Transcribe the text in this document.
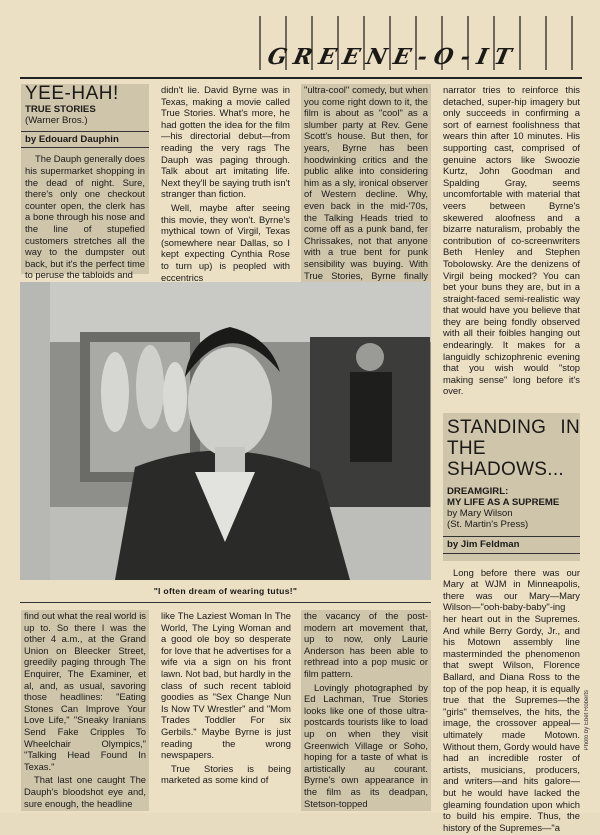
GREENE-O-IT
YEE-HAH!
TRUE STORIES
(Warner Bros.)
by Edouard Dauphin

The Dauph generally does his supermarket shopping in the dead of night. Sure, there's only one checkout counter open, the clerk has a bone through his nose and the line of stupefied customers stretches all the way to the dumpster out back, but it's the perfect time to peruse the tabloids and

didn't lie. David Byrne was in Texas, making a movie called True Stories. What's more, he had gotten the idea for the film—his directorial debut—from reading the very rags The Dauph was paging through. Talk about art imitating life. Next they'll be saying truth isn't stranger than fiction.

Well, maybe after seeing this movie, they won't. Byrne's mythical town of Virgil, Texas (somewhere near Dallas, so I kept expecting Cynthia Rose to turn up) is peopled with eccentrics

"ultra-cool" comedy, but when you come right down to it, the film is about as "cool" as a slumber party at Rev. Gene Scott's house. But then, for years, Byrne has been hoodwinking critics and the public alike into considering him as a sly, ironical observer of Western decline. Why, even back in the mid-'70s, the Talking Heads tried to come off as a punk band, fer Chrissakes, not that anyone with a true bent for punk sensibility was buying. With True Stories, Byrne finally

narrator tries to reinforce this detached, super-hip imagery but only succeeds in confirming a sort of earnest foolishness that wears thin after 10 minutes. His supporting cast, comprised of genuine actors like Swoozie Kurtz, John Goodman and Spalding Gray, seems uncomfortable with material that veers between Byrne's skewered aloofness and a bizarre naturalism, probably the contribution of co-screenwriters Beth Henley and Stephen Tobolowsky. Are the denizens of Virgil being mocked? You can bet your buns they are, but in a straight-faced semi-realistic way that would have you believe that they are being fondly observed with all their foibles hanging out endearingly. It makes for a languidly schizophrenic evening that you wish would "stop making sense" long before it's over.

STANDING IN THE SHADOWS...
DREAMGIRL:
MY LIFE AS A SUPREME
by Mary Wilson
(St. Martin's Press)
by Jim Feldman

Long before there was our Mary at WJM in Minneapolis, there was our Mary—Mary Wilson—"ooh-baby-baby"-ing her heart out in the Supremes. And while Berry Gordy, Jr., and his Motown assembly line masterminded the phenomenon that swept Wilson, Florence Ballard, and Diana Ross to the top of the pop heap, it is equally true that the Supremes—the "girls" themselves, the hits, the image, the crossover appeal—ultimately made Motown. Without them, Gordy would have had an incredible roster of artists, musicians, producers, and writers—and hits galore—but he would have lacked the gleaming foundation upon which to build his empire. Thus, the history of the Supremes—"a

"I often dream of wearing tutus!"

find out what the real world is up to. So there I was the other 4 a.m., at the Grand Union on Bleecker Street, greedily paging through The Enquirer, The Examiner, et al, and, as usual, savoring those headlines: "Eating Stones Can Improve Your Love Life," "Sneaky Iranians Send Fake Cripples To Wheelchair Olympics," "Talking Head Found In Texas."

That last one caught The Dauph's bloodshot eye and, sure enough, the headline

like The Laziest Woman In The World, The Lying Woman and a good ole boy so desperate for love that he advertises for a wife via a sign on his front lawn. Not bad, but hardly in the class of such recent tabloid goodies as "Sex Change Nun Is Now TV Wrestler" and "Mom Trades Toddler For six Gerbils." Maybe Byrne is just reading the wrong newspapers.

True Stories is being marketed as some kind of

the vacancy of the post-modern art movement that, up to now, only Laurie Anderson has been able to rethread into a pop music or film pattern.

Lovingly photographed by Ed Lachman, True Stories looks like one of those ultra-postcards tourists like to load up on when they visit Greenwich Village or Soho, hoping for a taste of what is artistically au courant. Byrne's own appearance in the film as its deadpan, Stetson-topped

Photo by Ebet Roberts
